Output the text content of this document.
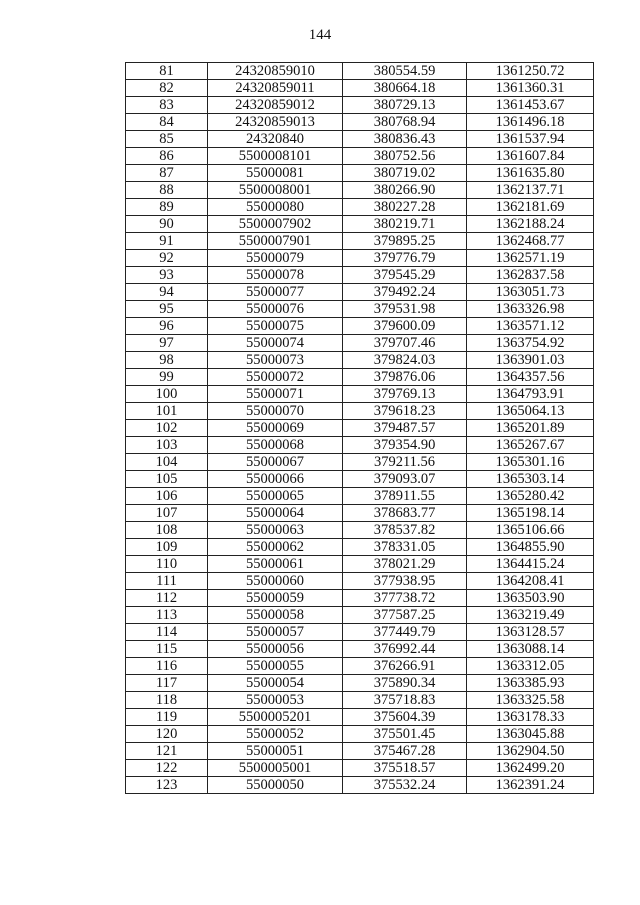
144
81	24320859010	380554.59	1361250.72
82	24320859011	380664.18	1361360.31
83	24320859012	380729.13	1361453.67
84	24320859013	380768.94	1361496.18
85	24320840	380836.43	1361537.94
86	5500008101	380752.56	1361607.84
87	55000081	380719.02	1361635.80
88	5500008001	380266.90	1362137.71
89	55000080	380227.28	1362181.69
90	5500007902	380219.71	1362188.24
91	5500007901	379895.25	1362468.77
92	55000079	379776.79	1362571.19
93	55000078	379545.29	1362837.58
94	55000077	379492.24	1363051.73
95	55000076	379531.98	1363326.98
96	55000075	379600.09	1363571.12
97	55000074	379707.46	1363754.92
98	55000073	379824.03	1363901.03
99	55000072	379876.06	1364357.56
100	55000071	379769.13	1364793.91
101	55000070	379618.23	1365064.13
102	55000069	379487.57	1365201.89
103	55000068	379354.90	1365267.67
104	55000067	379211.56	1365301.16
105	55000066	379093.07	1365303.14
106	55000065	378911.55	1365280.42
107	55000064	378683.77	1365198.14
108	55000063	378537.82	1365106.66
109	55000062	378331.05	1364855.90
110	55000061	378021.29	1364415.24
111	55000060	377938.95	1364208.41
112	55000059	377738.72	1363503.90
113	55000058	377587.25	1363219.49
114	55000057	377449.79	1363128.57
115	55000056	376992.44	1363088.14
116	55000055	376266.91	1363312.05
117	55000054	375890.34	1363385.93
118	55000053	375718.83	1363325.58
119	5500005201	375604.39	1363178.33
120	55000052	375501.45	1363045.88
121	55000051	375467.28	1362904.50
122	5500005001	375518.57	1362499.20
123	55000050	375532.24	1362391.24
